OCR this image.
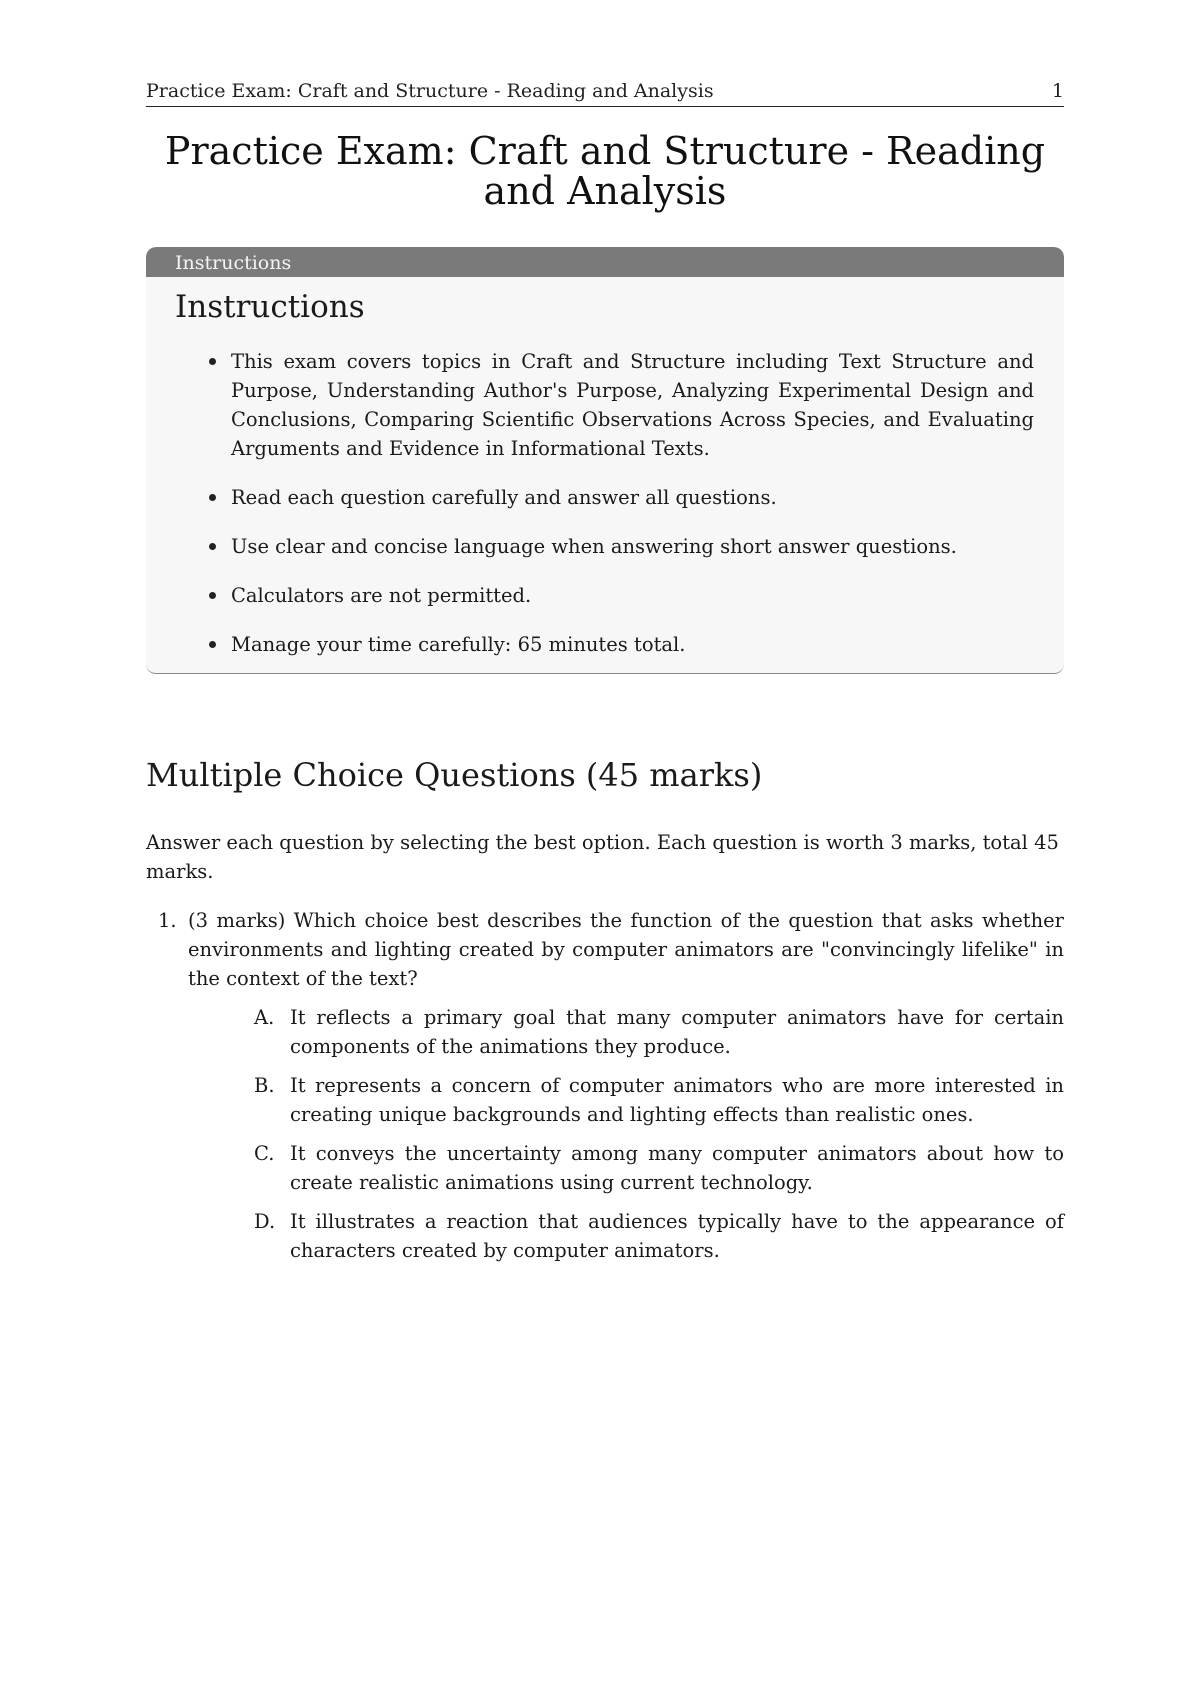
Practice Exam: Craft and Structure - Reading and Analysis	1
Practice Exam: Craft and Structure - Reading and Analysis
Instructions
Instructions
This exam covers topics in Craft and Structure including Text Structure and Purpose, Understanding Author's Purpose, Analyzing Experimental Design and Conclusions, Comparing Scientific Observations Across Species, and Evaluating Arguments and Evidence in Informational Texts.
Read each question carefully and answer all questions.
Use clear and concise language when answering short answer questions.
Calculators are not permitted.
Manage your time carefully: 65 minutes total.
Multiple Choice Questions (45 marks)

Answer each question by selecting the best option. Each question is worth 3 marks, total 45 marks.

1. (3 marks) Which choice best describes the function of the question that asks whether environments and lighting created by computer animators are "convincingly lifelike" in the context of the text?
A. It reflects a primary goal that many computer animators have for certain components of the animations they produce.
B. It represents a concern of computer animators who are more interested in creating unique backgrounds and lighting effects than realistic ones.
C. It conveys the uncertainty among many computer animators about how to create realistic animations using current technology.
D. It illustrates a reaction that audiences typically have to the appearance of characters created by computer animators.
